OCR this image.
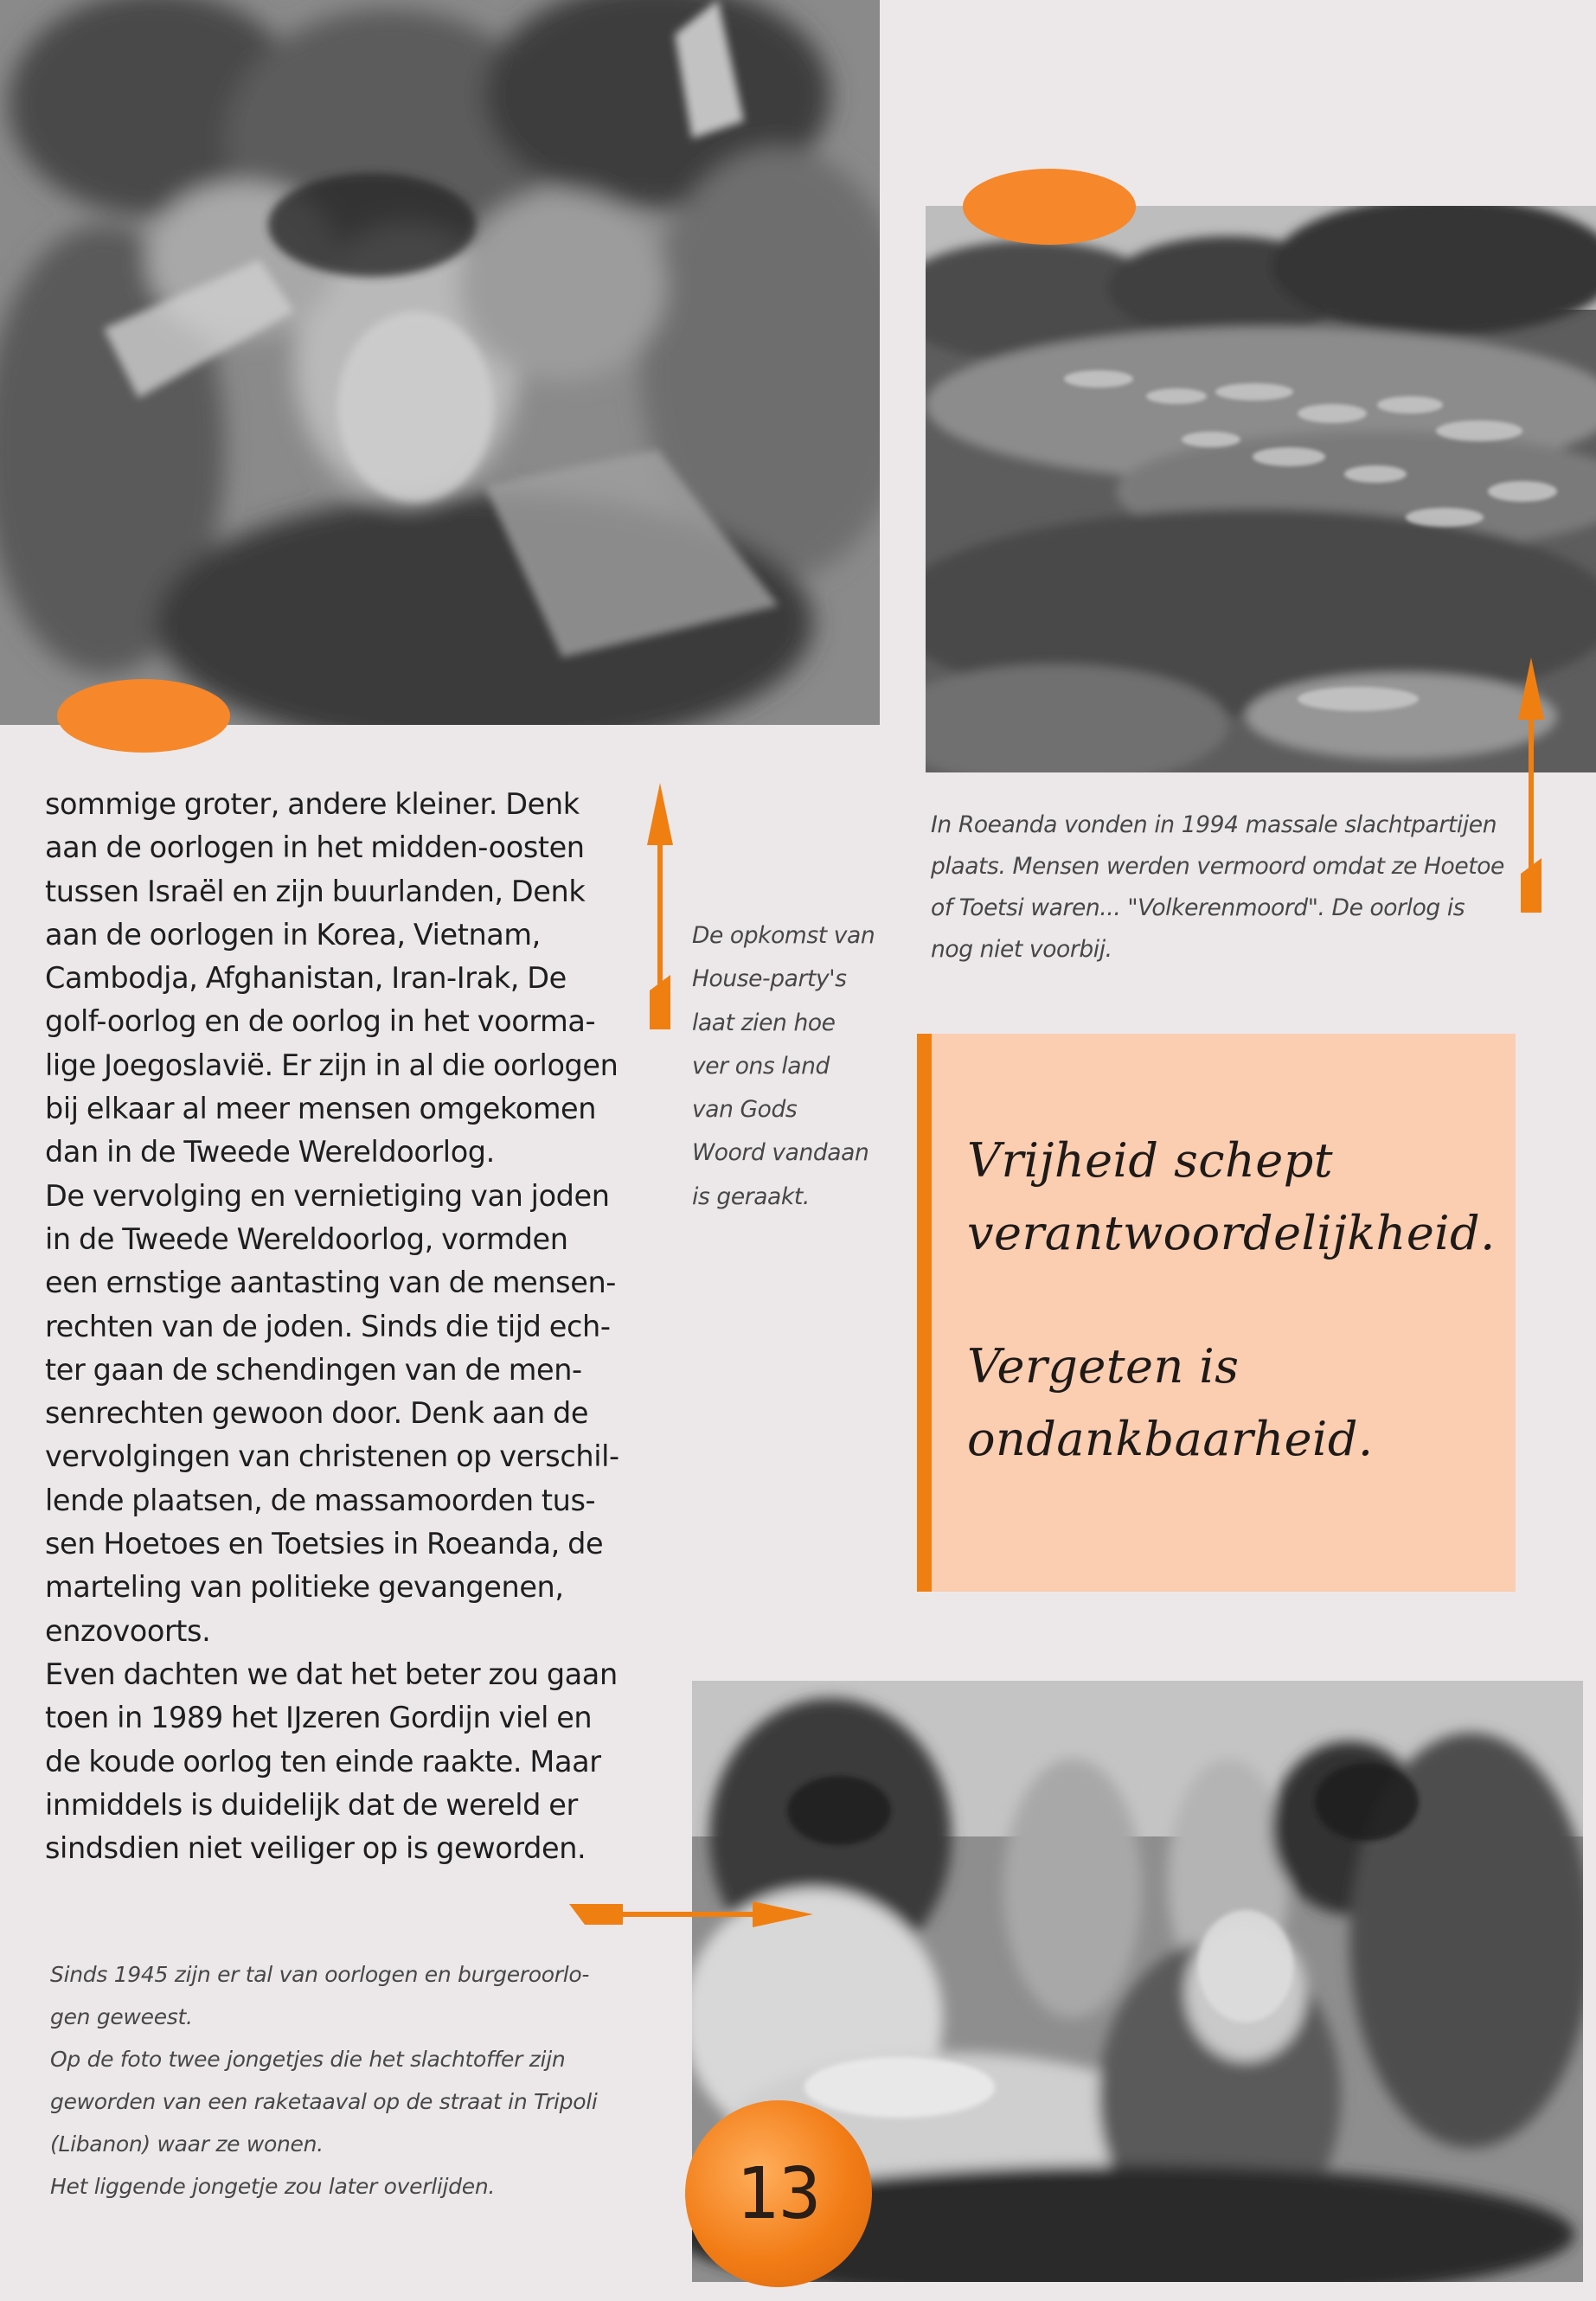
sommige groter, andere kleiner. Denk
aan de oorlogen in het midden-oosten
tussen Israël en zijn buurlanden, Denk
aan de oorlogen in Korea, Vietnam,
Cambodja, Afghanistan, Iran-Irak, De
golf-oorlog en de oorlog in het voorma-
lige Joegoslavië. Er zijn in al die oorlogen
bij elkaar al meer mensen omgekomen
dan in de Tweede Wereldoorlog.
De vervolging en vernietiging van joden
in de Tweede Wereldoorlog, vormden
een ernstige aantasting van de mensen-
rechten van de joden. Sinds die tijd ech-
ter gaan de schendingen van de men-
senrechten gewoon door. Denk aan de
vervolgingen van christenen op verschil-
lende plaatsen, de massamoorden tus-
sen Hoetoes en Toetsies in Roeanda, de
marteling van politieke gevangenen,
enzovoorts.
Even dachten we dat het beter zou gaan
toen in 1989 het IJzeren Gordijn viel en
de koude oorlog ten einde raakte. Maar
inmiddels is duidelijk dat de wereld er
sindsdien niet veiliger op is geworden.
De opkomst van
House-party's
laat zien hoe
ver ons land
van Gods
Woord vandaan
is geraakt.
In Roeanda vonden in 1994 massale slachtpartijen
plaats. Mensen werden vermoord omdat ze Hoetoe
of Toetsi waren... "Volkerenmoord". De oorlog is
nog niet voorbij.

Vrijheid schept
verantwoordelijkheid.

Vergeten is
ondankbaarheid.

Sinds 1945 zijn er tal van oorlogen en burgeroorlo-
gen geweest.
Op de foto twee jongetjes die het slachtoffer zijn
geworden van een raketaaval op de straat in Tripoli
(Libanon) waar ze wonen.
Het liggende jongetje zou later overlijden.	13
